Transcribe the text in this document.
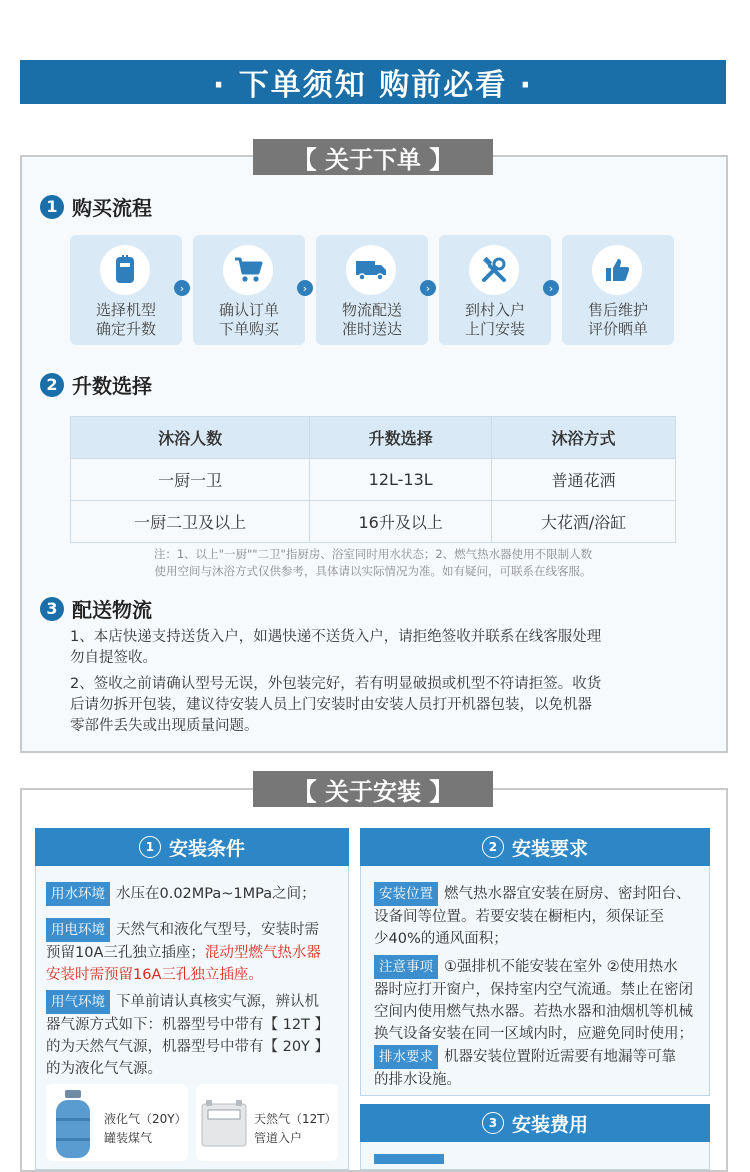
· 下单须知 购前必看 ·
【 关于下单 】
1 购买流程
选择机型
确定升数
›
确认订单
下单购买
›
物流配送
准时送达
›
到村入户
上门安装
›
售后维护
评价晒单
2 升数选择
沐浴人数	升数选择	沐浴方式
一厨一卫	12L-13L	普通花洒
一厨二卫及以上	16升及以上	大花洒/浴缸
注：1、以上"一厨""二卫"指厨房、浴室同时用水状态；2、燃气热水器使用不限制人数
使用空间与沐浴方式仅供参考，具体请以实际情况为准。如有疑问，可联系在线客服。
3 配送物流
1、本店快递支持送货入户，如遇快递不送货入户，请拒绝签收并联系在线客服处理
勿自提签收。
2、签收之前请确认型号无误，外包装完好，若有明显破损或机型不符请拒签。收货
后请勿拆开包装，建议待安装人员上门安装时由安装人员打开机器包装，以免机器
零部件丢失或出现质量问题。
【 关于安装 】
1 安装条件
用水环境 水压在0.02MPa~1MPa之间；
用电环境 天然气和液化气型号，安装时需
预留10A三孔独立插座；混动型燃气热水器
安装时需预留16A三孔独立插座。
用气环境 下单前请认真核实气源，辨认机
器气源方式如下：机器型号中带有【 12T 】
的为天然气气源，机器型号中带有【 20Y 】
的为液化气气源。
液化气（20Y）
罐装煤气
天然气（12T）
管道入户
2 安装要求
安装位置 燃气热水器宜安装在厨房、密封阳台、
设备间等位置。若要安装在橱柜内，须保证至
少40%的通风面积；
注意事项 ①强排机不能安装在室外 ②使用热水
器时应打开窗户，保持室内空气流通。禁止在密闭
空间内使用燃气热水器。若热水器和油烟机等机械
换气设备安装在同一区域内时，应避免同时使用；
排水要求 机器安装位置附近需要有地漏等可靠
的排水设施。
3 安装费用
